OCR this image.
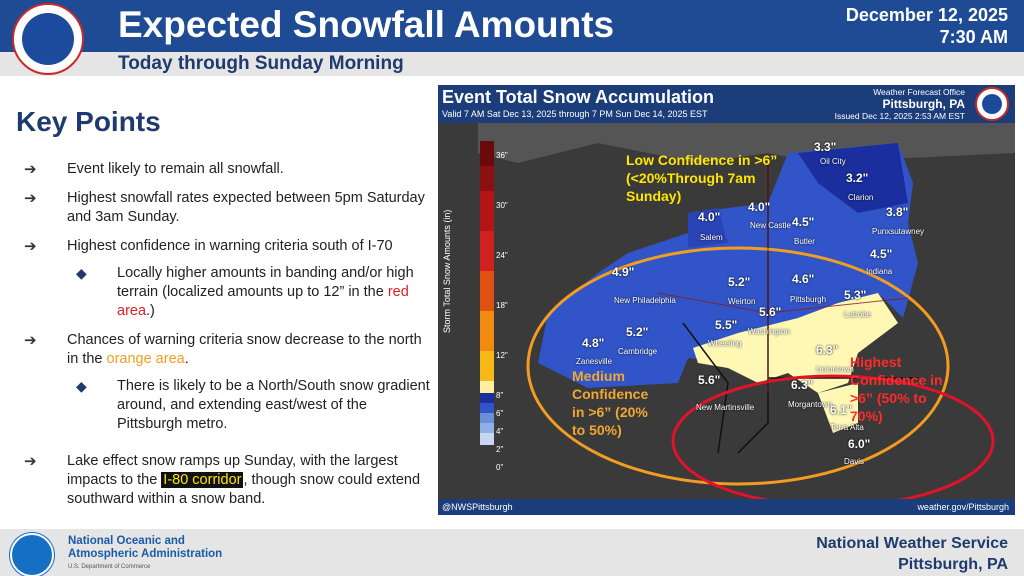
Expected Snowfall Amounts	December 12, 2025
7:30 AM
Today through Sunday Morning
Key Points
➔ Event likely to remain all snowfall.
➔ Highest snowfall rates expected between 5pm Saturday and 3am Sunday.
➔ Highest confidence in warning criteria south of I-70
◆ Locally higher amounts in banding and/or high terrain (localized amounts up to 12” in the red area.)
➔ Chances of warning criteria snow decrease to the north in the orange area.
◆ There is likely to be a North/South snow gradient around, and extending east/west of the Pittsburgh metro.
➔ Lake effect snow ramps up Sunday, with the largest impacts to the I-80 corridor , though snow could extend southward within a snow band.
Event Total Snow Accumulation
Valid 7 AM Sat Dec 13, 2025 through 7 PM Sun Dec 14, 2025 EST
Weather Forecast Office
Pittsburgh, PA
Issued Dec 12, 2025 2:53 AM EST
Low Confidence in >6” (<20%Through 7am Sunday)
Medium Confidence in >6” (20% to 50%)
Highest Confidence in >6” (50% to 70%)
3.3"
3.2"
4.0"
4.0"
4.5"
3.8"
4.5"
4.9"
5.2"	4.6"
5.3"
5.6"
4.8"
5.2"	5.5"
5.6"
6.3"
6.3"
6.1"
6.0"
Oil City
Clarion
Salem
New Castle
Butler
Punxsutawney
Indiana
New Philadelphia	Weirton	Pittsburgh
Latrobe
Washington
Zanesville
Cambridge
Wheeling
Uniontown
Morgantown
New Martinsville
Terra Alta
Davis
Storm Total Snow Amounts (in)
36"
30"
24"
18"
12"
8"
6"
4"
2"
0"
@NWSPittsburgh	weather.gov/Pittsburgh
National Oceanic and
Atmospheric Administration
U.S. Department of Commerce
National Weather Service
Pittsburgh, PA
